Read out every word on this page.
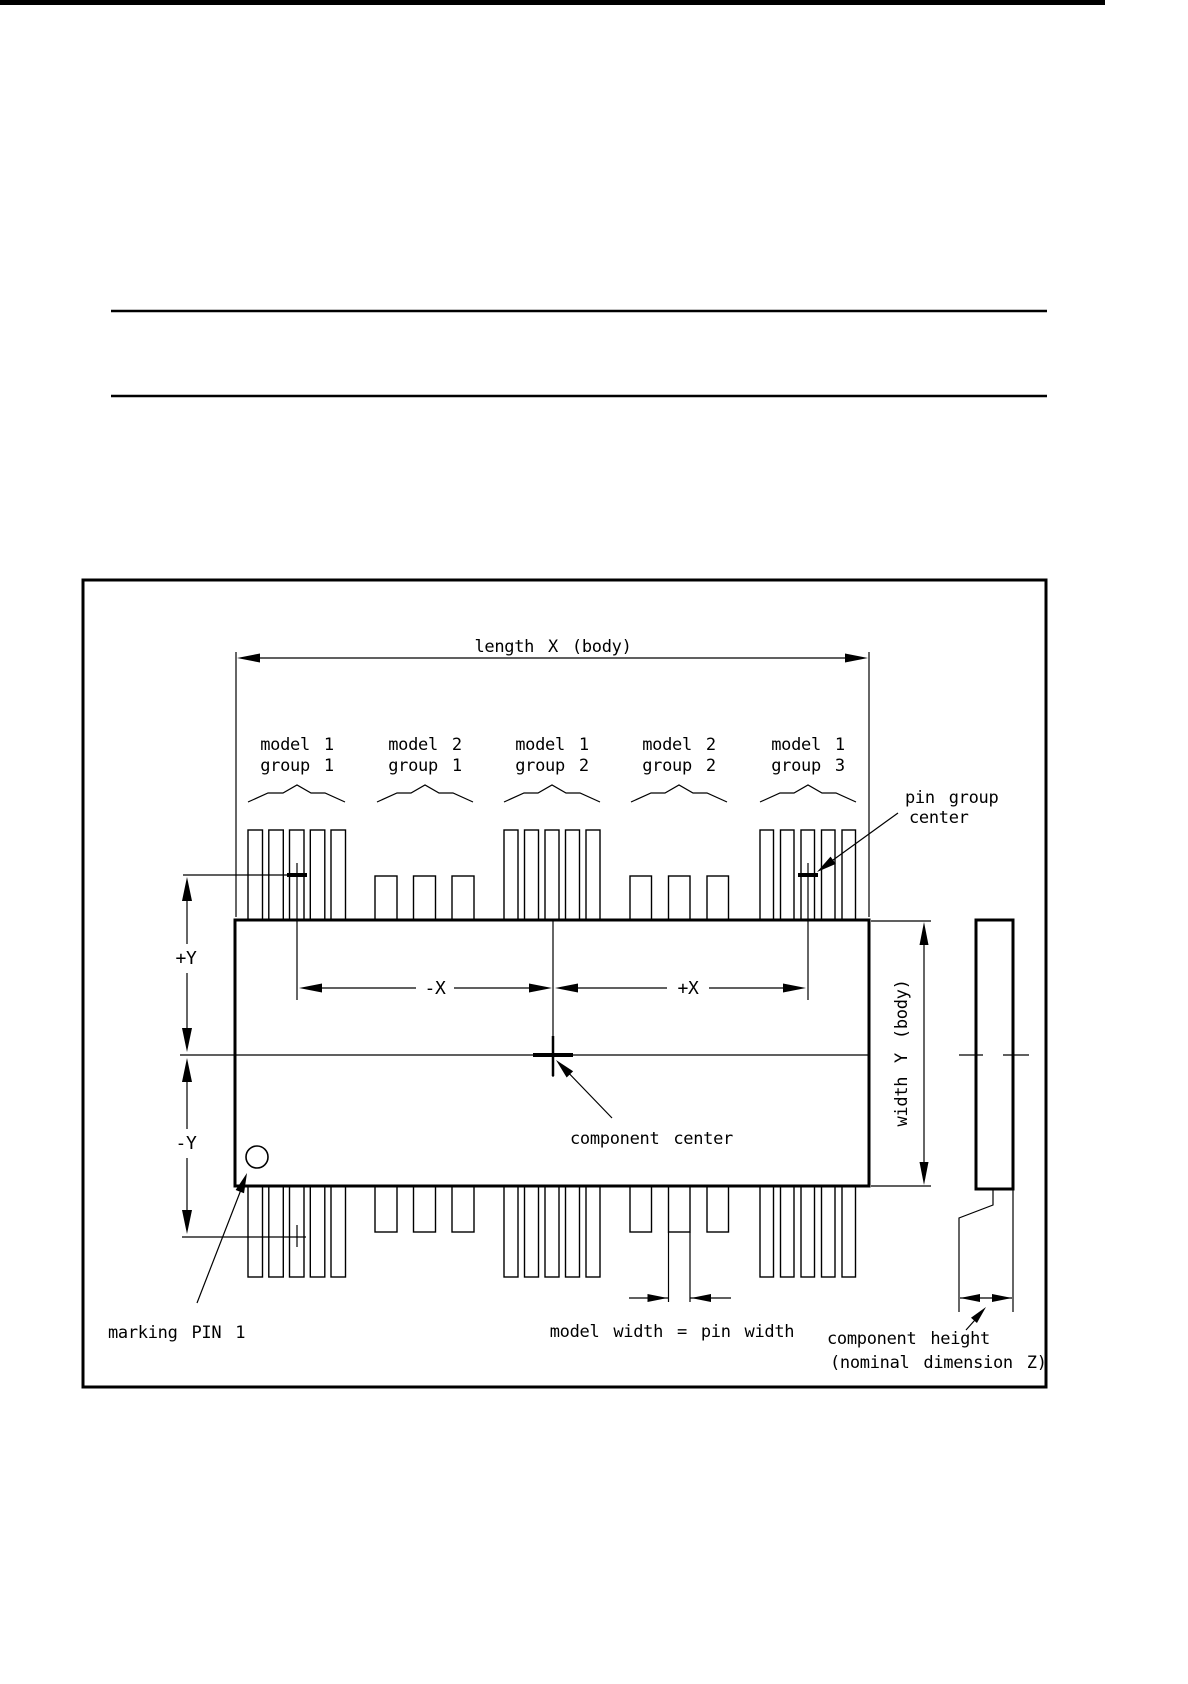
model 1
group 1
model 2
group 1
model 1
group 2
model 2
group 2
model 1
group 3
length X (body)
+Y
-Y
-X	+X	width Y (body)
component height
(nominal dimension Z)
model width = pin width
component center
pin group
center
marking PIN 1
